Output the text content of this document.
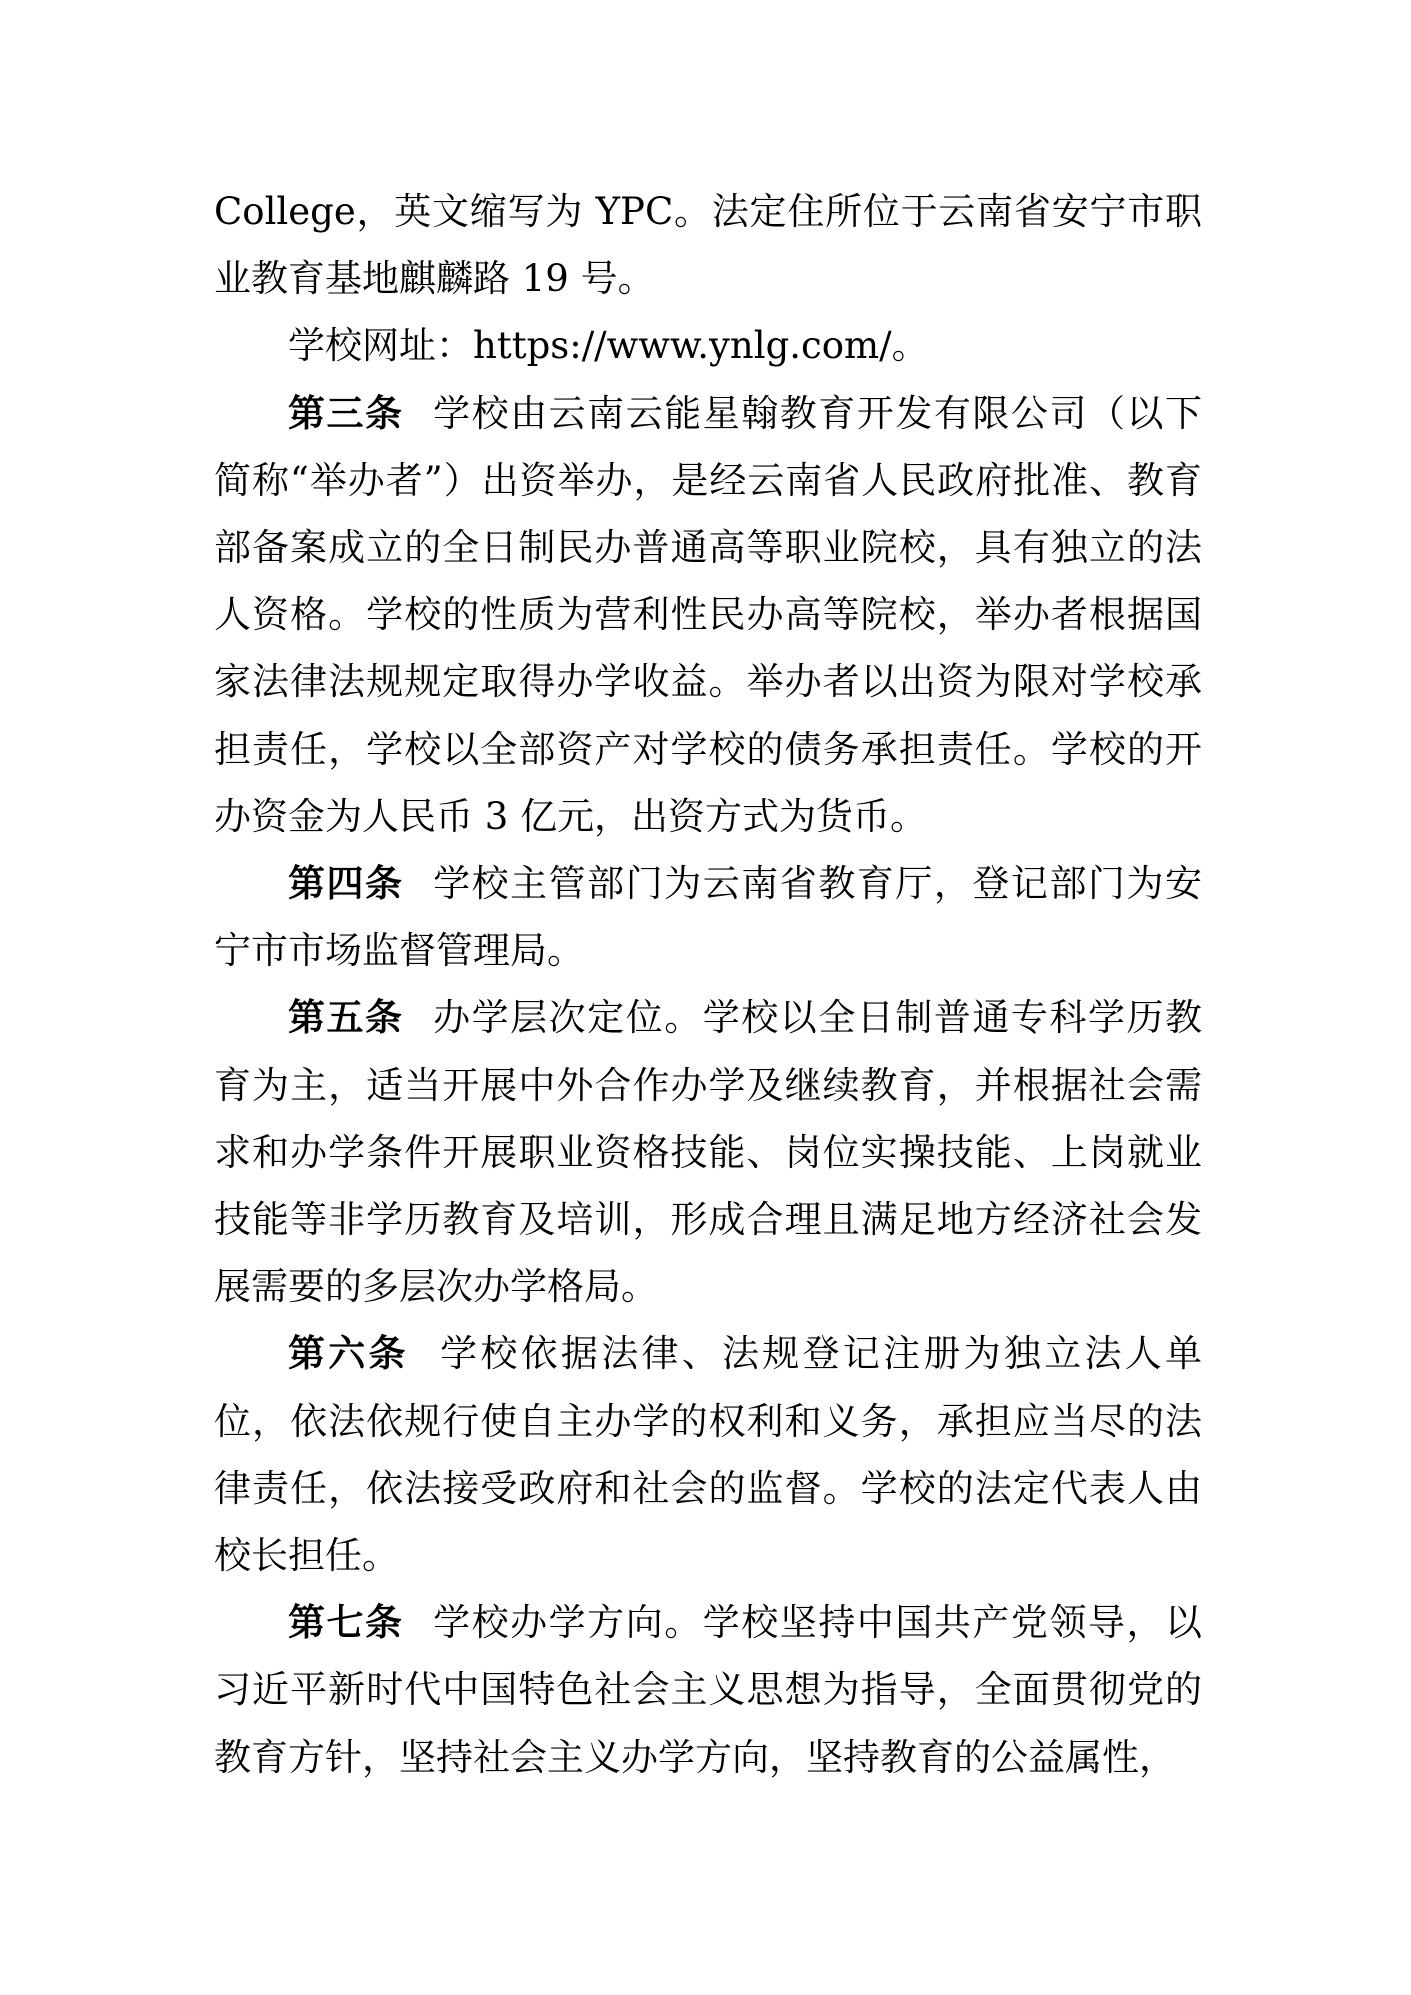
College，英文缩写为 YPC。法定住所位于云南省安宁市职业教育基地麒麟路 19 号。

学校网址：https://www.ynlg.com/。

第三条 学校由云南云能星翰教育开发有限公司（以下简称“举办者”）出资举办，是经云南省人民政府批准、教育部备案成立的全日制民办普通高等职业院校，具有独立的法人资格。学校的性质为营利性民办高等院校，举办者根据国家法律法规规定取得办学收益。举办者以出资为限对学校承担责任，学校以全部资产对学校的债务承担责任。学校的开办资金为人民币 3 亿元，出资方式为货币。

第四条 学校主管部门为云南省教育厅，登记部门为安宁市市场监督管理局。

第五条 办学层次定位。学校以全日制普通专科学历教育为主，适当开展中外合作办学及继续教育，并根据社会需求和办学条件开展职业资格技能、岗位实操技能、上岗就业技能等非学历教育及培训，形成合理且满足地方经济社会发展需要的多层次办学格局。

第六条 学校依据法律、法规登记注册为独立法人单位，依法依规行使自主办学的权利和义务，承担应当尽的法律责任，依法接受政府和社会的监督。学校的法定代表人由校长担任。

第七条 学校办学方向。学校坚持中国共产党领导，以习近平新时代中国特色社会主义思想为指导，全面贯彻党的教育方针，坚持社会主义办学方向，坚持教育的公益属性，
